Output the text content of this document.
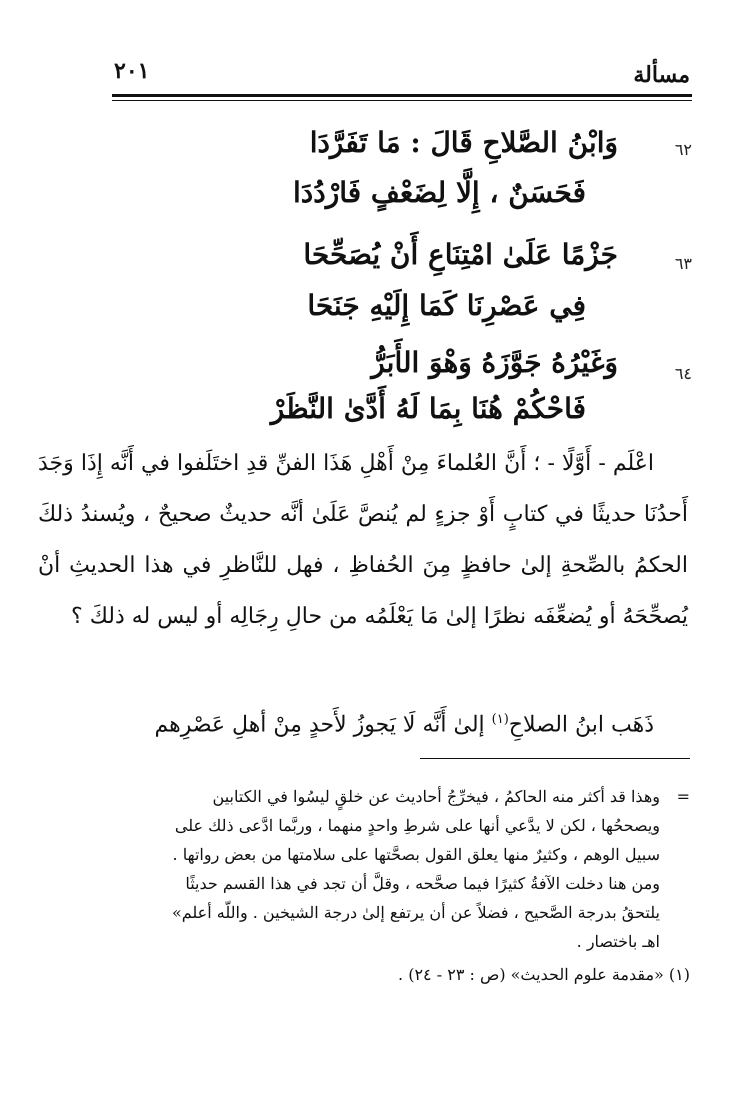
مسألة
٢٠١
٦٢
وَابْنُ الصَّلاحِ قَالَ : مَا تَفَرَّدَا
فَحَسَنٌ ، إِلَّا لِضَعْفٍ فَارْدُدَا
٦٣
جَزْمًا عَلَىٰ امْتِنَاعِ أَنْ يُصَحِّحَا
فِي عَصْرِنَا كَمَا إِلَيْهِ جَنَحَا
٦٤
وَغَيْرُهُ جَوَّزَهُ وَهْوَ الأَبَرُّ
فَاحْكُمْ هُنَا بِمَا لَهُ أَدَّىٰ النَّظَرْ

اعْلَم - أَوَّلًا - ؛ أَنَّ العُلماءَ مِنْ أَهْلِ هَذَا الفنِّ قدِ اختَلَفوا في أَنَّه إِذَا وَجَدَ أَحدُنَا حديثًا في كتابٍ أَوْ جزءٍ لم يُنصَّ عَلَىٰ أنَّه حديثٌ صحيحٌ ، ويُسندُ ذلكَ الحكمُ بالصِّحةِ إلىٰ حافظٍ مِنَ الحُفاظِ ، فهل للنَّاظرِ في هذا الحديثِ أنْ يُصحِّحَهُ أو يُضعِّفَه نظرًا إلىٰ مَا يَعْلَمُه من حالِ رِجَالِه أو ليس له ذلكَ ؟

ذَهَب ابنُ الصلاحِ$^{(١)}$ إلىٰ أَنَّه لَا يَجوزُ لأَحدٍ مِنْ أهلِ عَصْرِهم
=
وهذا قد أكثر منه الحاكمُ ، فيخرِّجُ أحاديث عن خلقٍ ليسُوا في الكتابين
ويصححُها ، لكن لا يدَّعي أنها على شرطِ واحدٍ منهما ، وربَّما ادَّعى ذلك على
سبيل الوهم ، وكثيرٌ منها يعلق القول بصحَّتها على سلامتها من بعض رواتها .
ومن هنا دخلت الآفةُ كثيرًا فيما صحَّحه ، وقلَّ أن تجد في هذا القسم حديثًا
يلتحقُ بدرجة الصَّحيح ، فضلاً عن أن يرتفع إلىٰ درجة الشيخين . واللّه أعلم»
اهـ باختصار .
(١) «مقدمة علوم الحديث» (ص : ٢٣ - ٢٤) .
